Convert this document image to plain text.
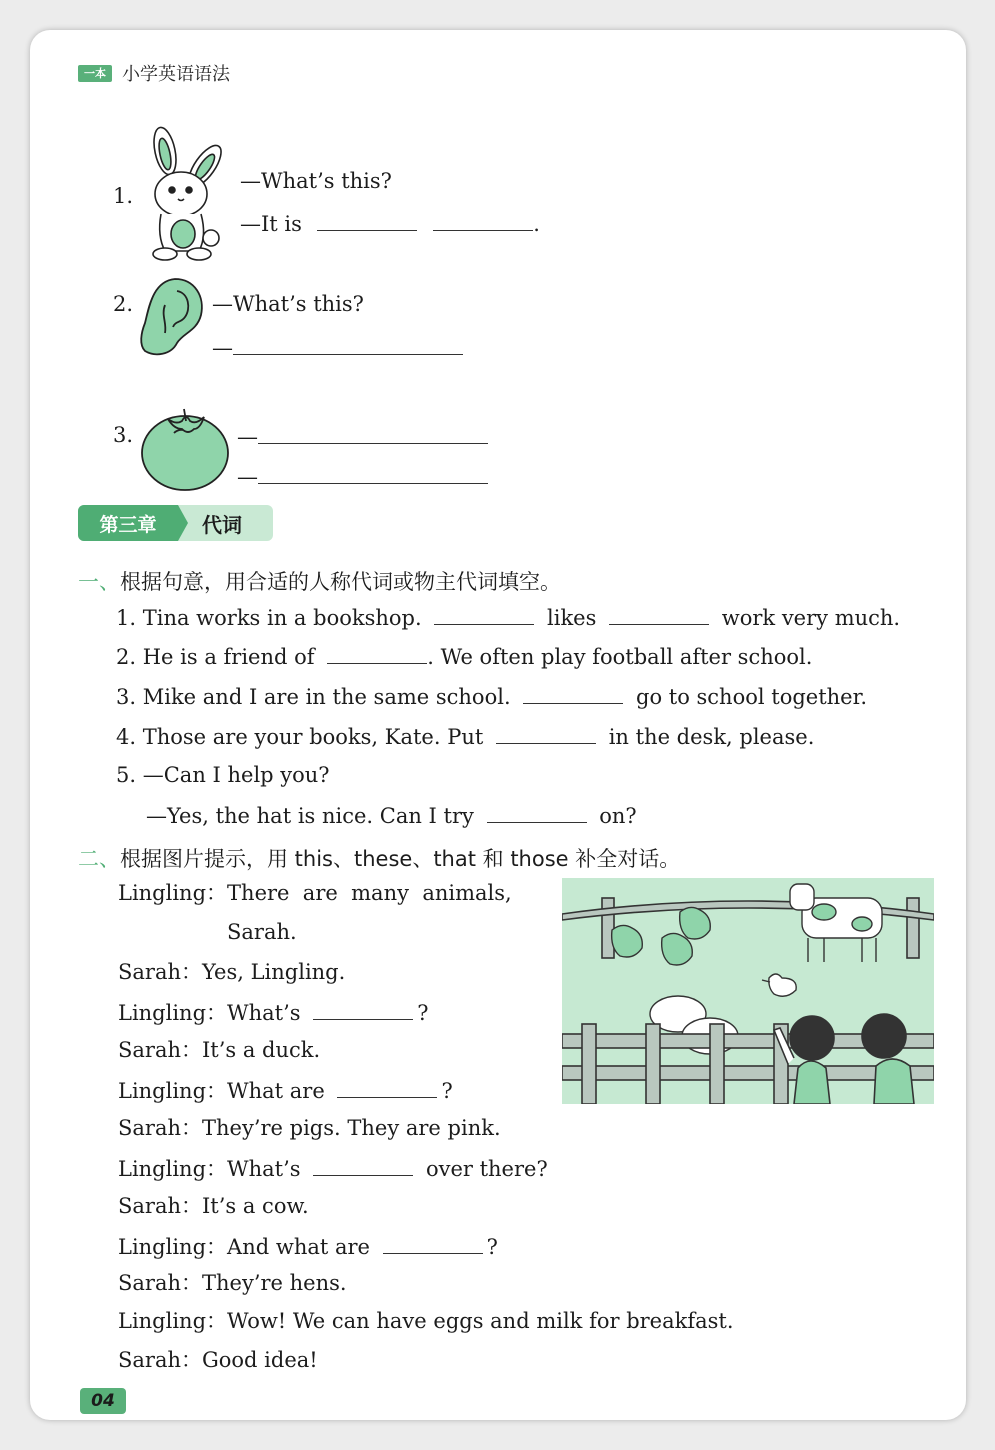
一本 小学英语语法
1.
—What’s this?
—It is	.
2.	—What’s this?
—
3.	—
—
第三章	代词
一、根据句意，用合适的人称代词或物主代词填空。
1. Tina works in a bookshop.	likes	work very much.
2. He is a friend of	. We often play football after school.
3. Mike and I are in the same school.	go to school together.
4. Those are your books, Kate. Put	in the desk, please.
5. —Can I help you?
—Yes, the hat is nice. Can I try	on?
二、根据图片提示，用 this、these、that 和 those 补全对话。
Lingling：There  are  many  animals,
Sarah.
Sarah：Yes, Lingling.
Lingling：What’s	?
Sarah：It’s a duck.
Lingling：What are	?
Sarah：They’re pigs. They are pink.
Lingling：What’s	over there?
Sarah：It’s a cow.
Lingling：And what are	?
Sarah：They’re hens.
Lingling：Wow! We can have eggs and milk for breakfast.
Sarah：Good idea!
04
